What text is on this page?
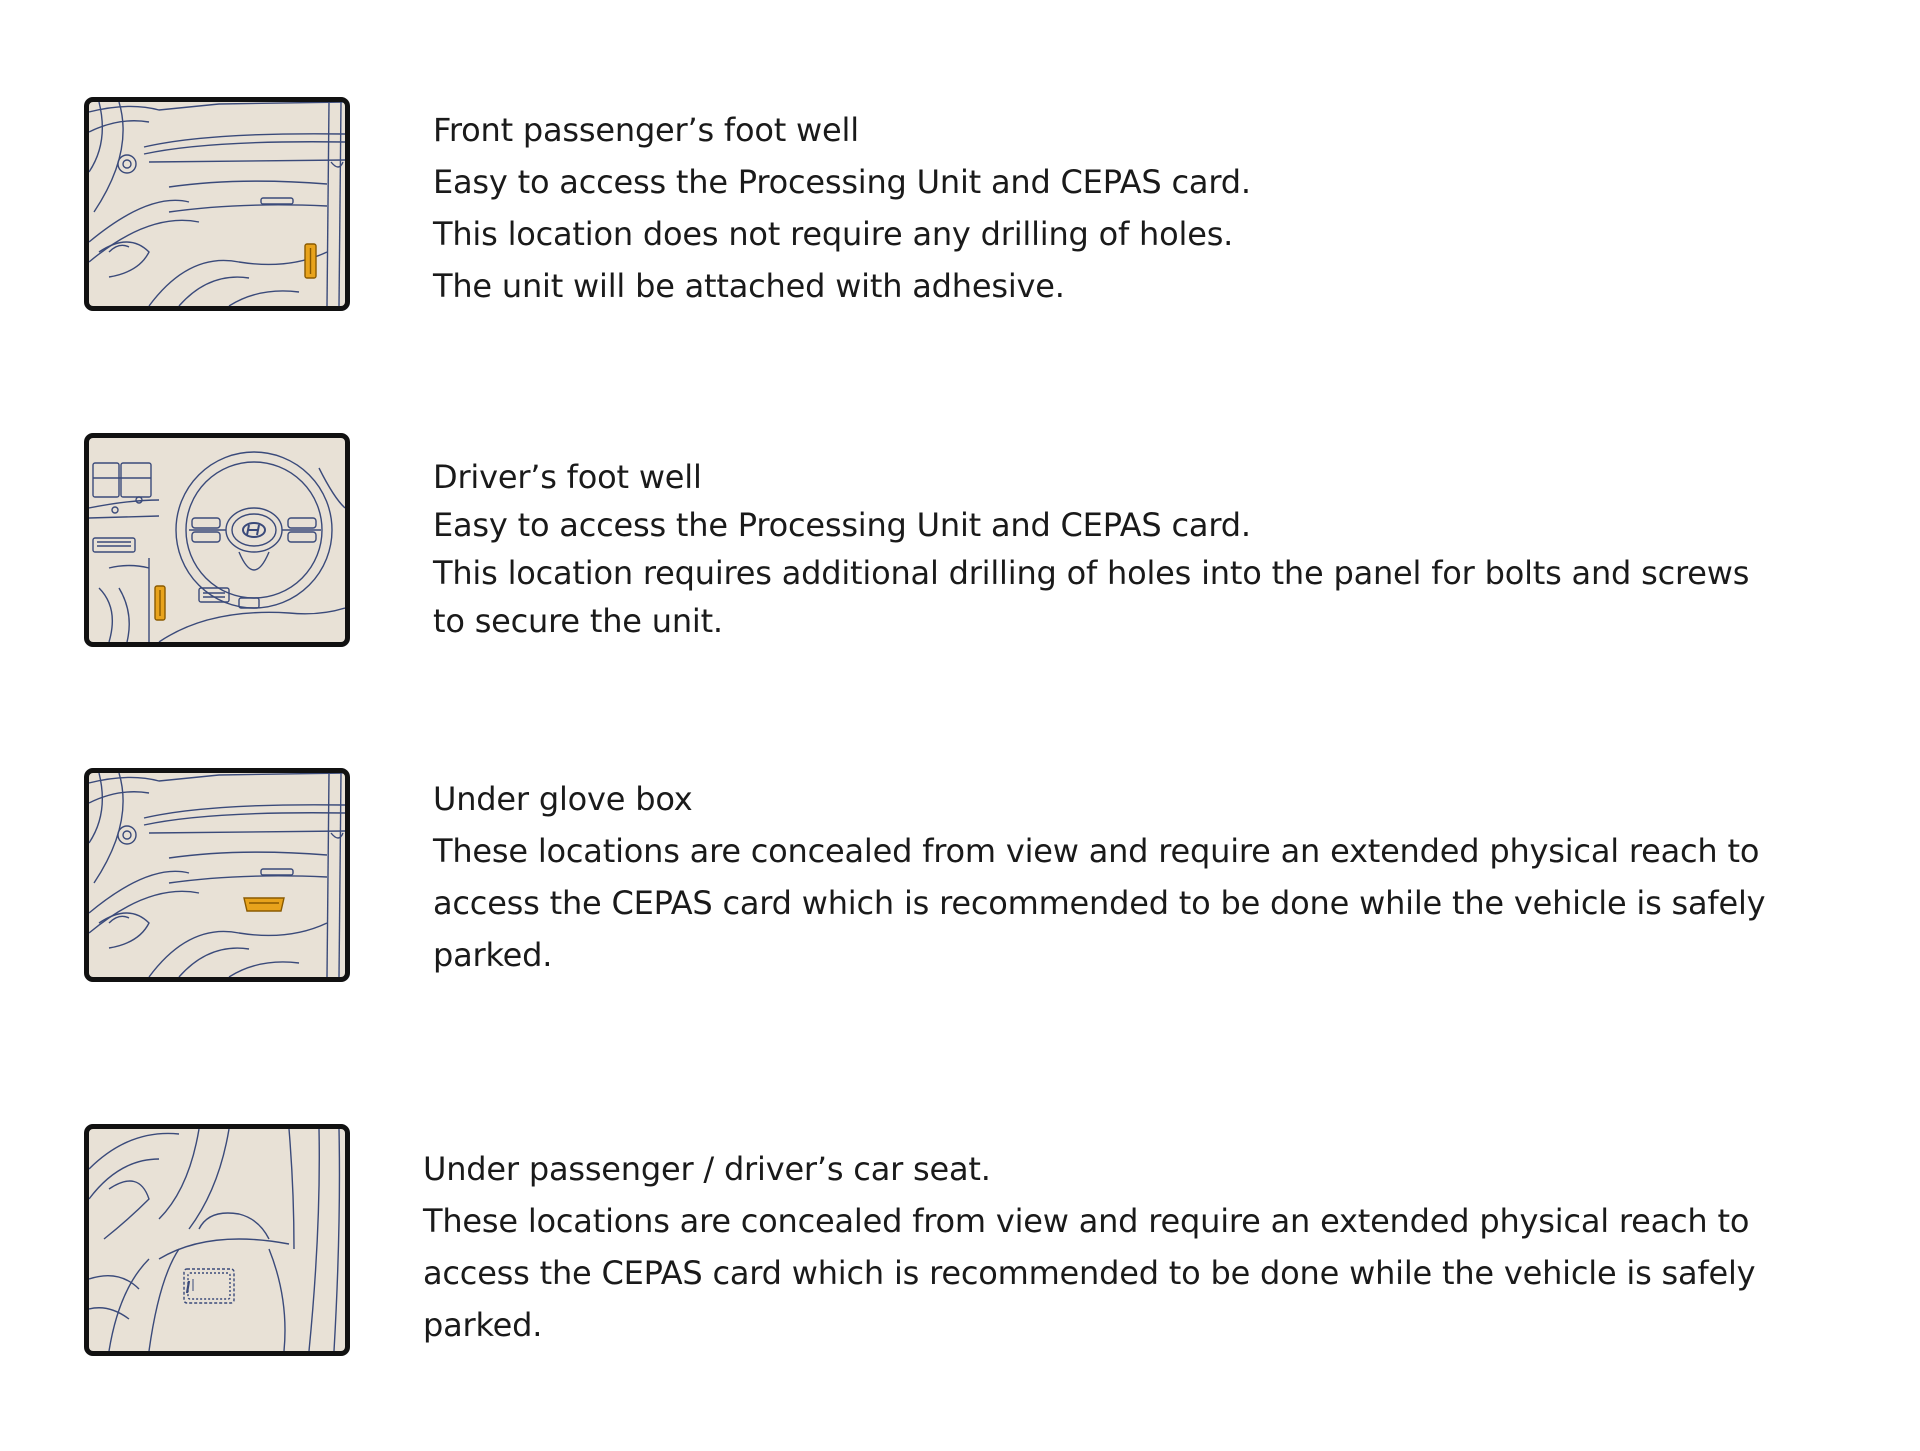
Front passenger’s foot well
Easy to access the Processing Unit and CEPAS card.
This location does not require any drilling of holes.
The unit will be attached with adhesive.
Driver’s foot well
Easy to access the Processing Unit and CEPAS card.
This location requires additional drilling of holes into the panel for bolts and screws
to secure the unit.
Under glove box
These locations are concealed from view and require an extended physical reach to
access the CEPAS card which is recommended to be done while the vehicle is safely
parked.
Under passenger / driver’s car seat.
These locations are concealed from view and require an extended physical reach to
access the CEPAS card which is recommended to be done while the vehicle is safely
parked.
